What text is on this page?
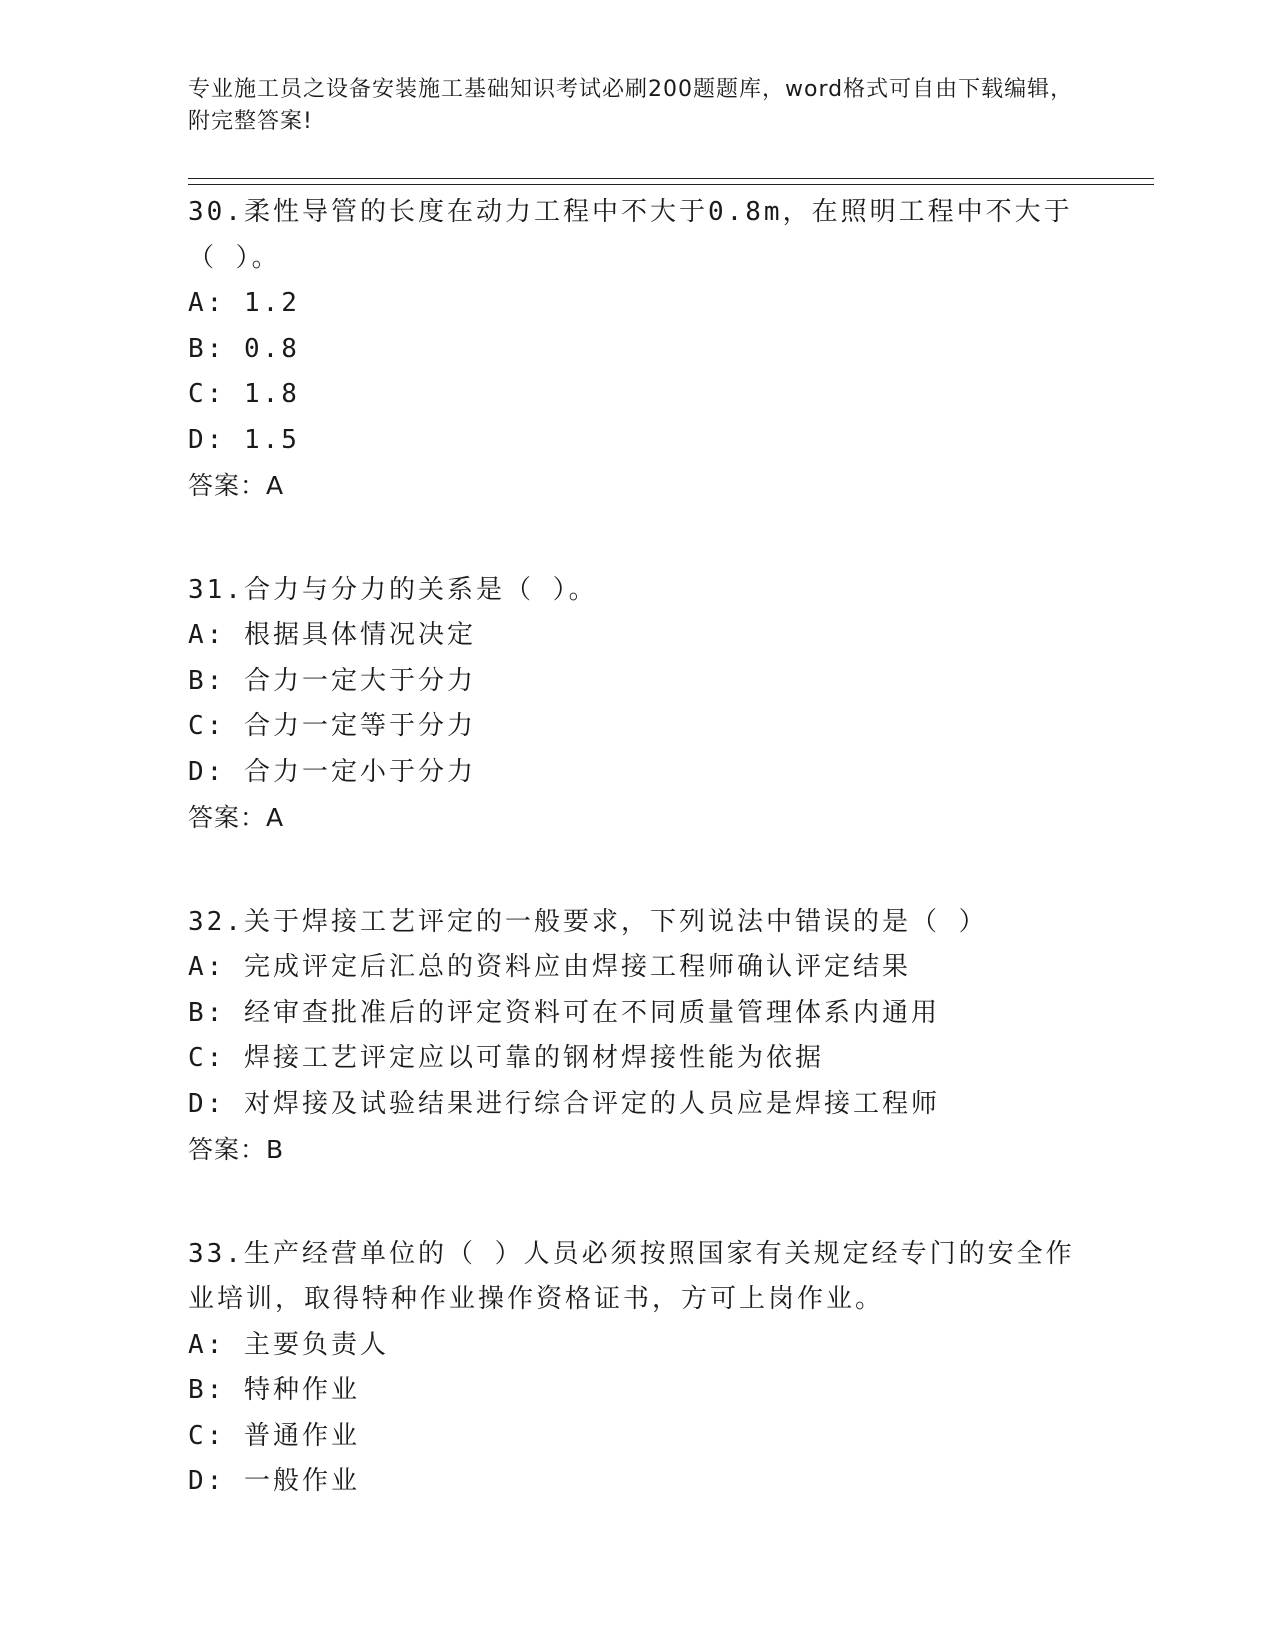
专业施工员之设备安装施工基础知识考试必刷200题题库，word格式可自由下载编辑，附完整答案!
30.柔性导管的长度在动力工程中不大于0.8m，在照明工程中不大于（ ）。
A: 1.2
B: 0.8
C: 1.8
D: 1.5
答案：A
31.合力与分力的关系是（ ）。
A: 根据具体情况决定
B: 合力一定大于分力
C: 合力一定等于分力
D: 合力一定小于分力
答案：A
32.关于焊接工艺评定的一般要求，下列说法中错误的是（ ）
A: 完成评定后汇总的资料应由焊接工程师确认评定结果
B: 经审查批准后的评定资料可在不同质量管理体系内通用
C: 焊接工艺评定应以可靠的钢材焊接性能为依据
D: 对焊接及试验结果进行综合评定的人员应是焊接工程师
答案：B
33.生产经营单位的（ ）人员必须按照国家有关规定经专门的安全作业培训，取得特种作业操作资格证书，方可上岗作业。
A: 主要负责人
B: 特种作业
C: 普通作业
D: 一般作业
